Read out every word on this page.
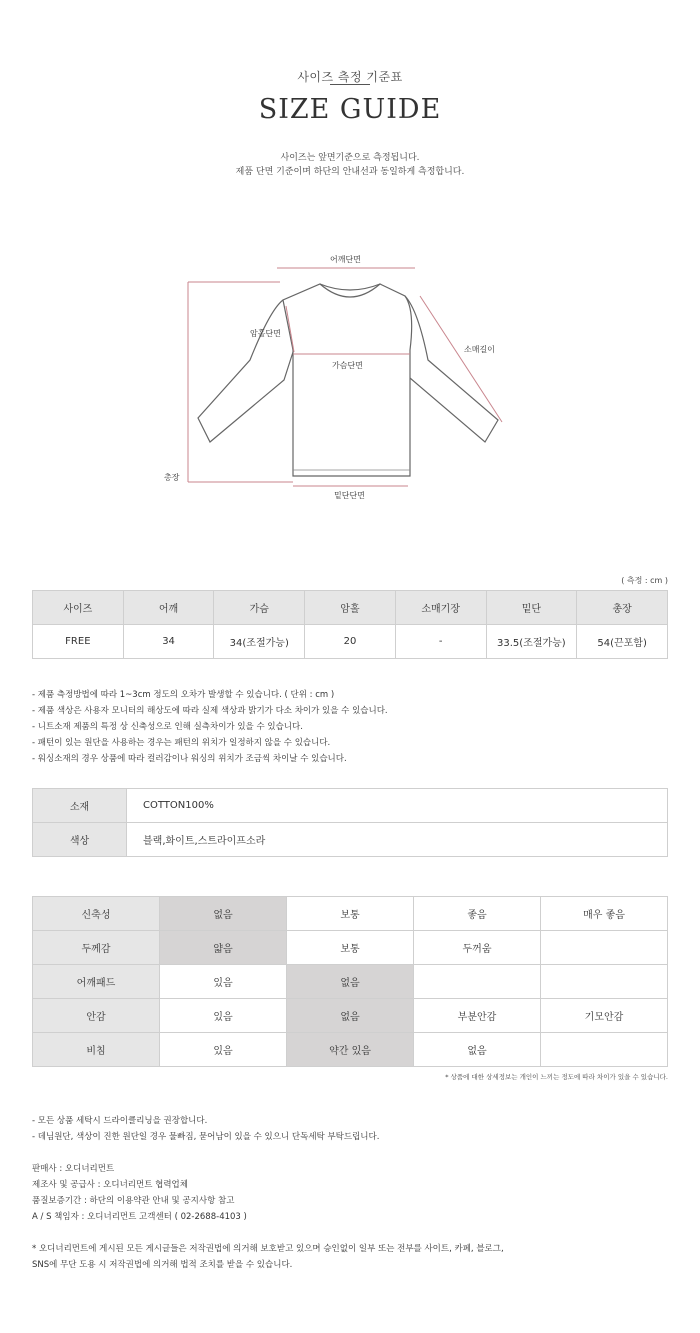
사이즈 측정 기준표
SIZE GUIDE
사이즈는 앞면기준으로 측정됩니다.
제품 단면 기준이며 하단의 안내선과 동일하게 측정합니다.
어깨단면
암홀단면
가슴단면
소매길이
총장
밑단단면
( 측정 : cm )
사이즈	어깨	가슴	암홀	소매기장	밑단	총장
FREE	34	34(조절가능)	20	-	33.5(조절가능)	54(끈포함)
- 제품 측정방법에 따라 1~3cm 정도의 오차가 발생할 수 있습니다. ( 단위 : cm )
- 제품 색상은 사용자 모니터의 해상도에 따라 실제 색상과 밝기가 다소 차이가 있을 수 있습니다.
- 니트소재 제품의 특정 상 신축성으로 인해 실측차이가 있을 수 있습니다.
- 패턴이 있는 원단을 사용하는 경우는 패턴의 위치가 일정하지 않을 수 있습니다.
- 워싱소재의 경우 상품에 따라 컬러감이나 워싱의 위치가 조금씩 차이날 수 있습니다.
소재	COTTON100%
색상	블랙,화이트,스트라이프소라
신축성	없음	보통	좋음	매우 좋음
두께감	얇음	보통	두꺼움	
어깨패드	있음	없음		
안감	있음	없음	부분안감	기모안감
비침	있음	약간 있음	없음	
* 상품에 대한 상세정보는 개인이 느끼는 정도에 따라 차이가 있을 수 있습니다.
- 모든 상품 세탁시 드라이클리닝을 권장합니다.
- 데님원단, 색상이 진한 원단일 경우 물빠짐, 묻어남이 있을 수 있으니 단독세탁 부탁드립니다.
판매사 : 오디너리먼트
제조사 및 공급사 : 오디너리먼트 협력업체
품질보증기간 : 하단의 이용약관 안내 및 공지사항 참고
A / S 책임자 : 오디너리먼트 고객센터 ( 02-2688-4103 )
* 오디너리먼트에 게시된 모든 게시글들은 저작권법에 의거해 보호받고 있으며 승인없이 일부 또는 전부를 사이트, 카페, 블로그,
SNS에 무단 도용 시 저작권법에 의거해 법적 조치를 받을 수 있습니다.
